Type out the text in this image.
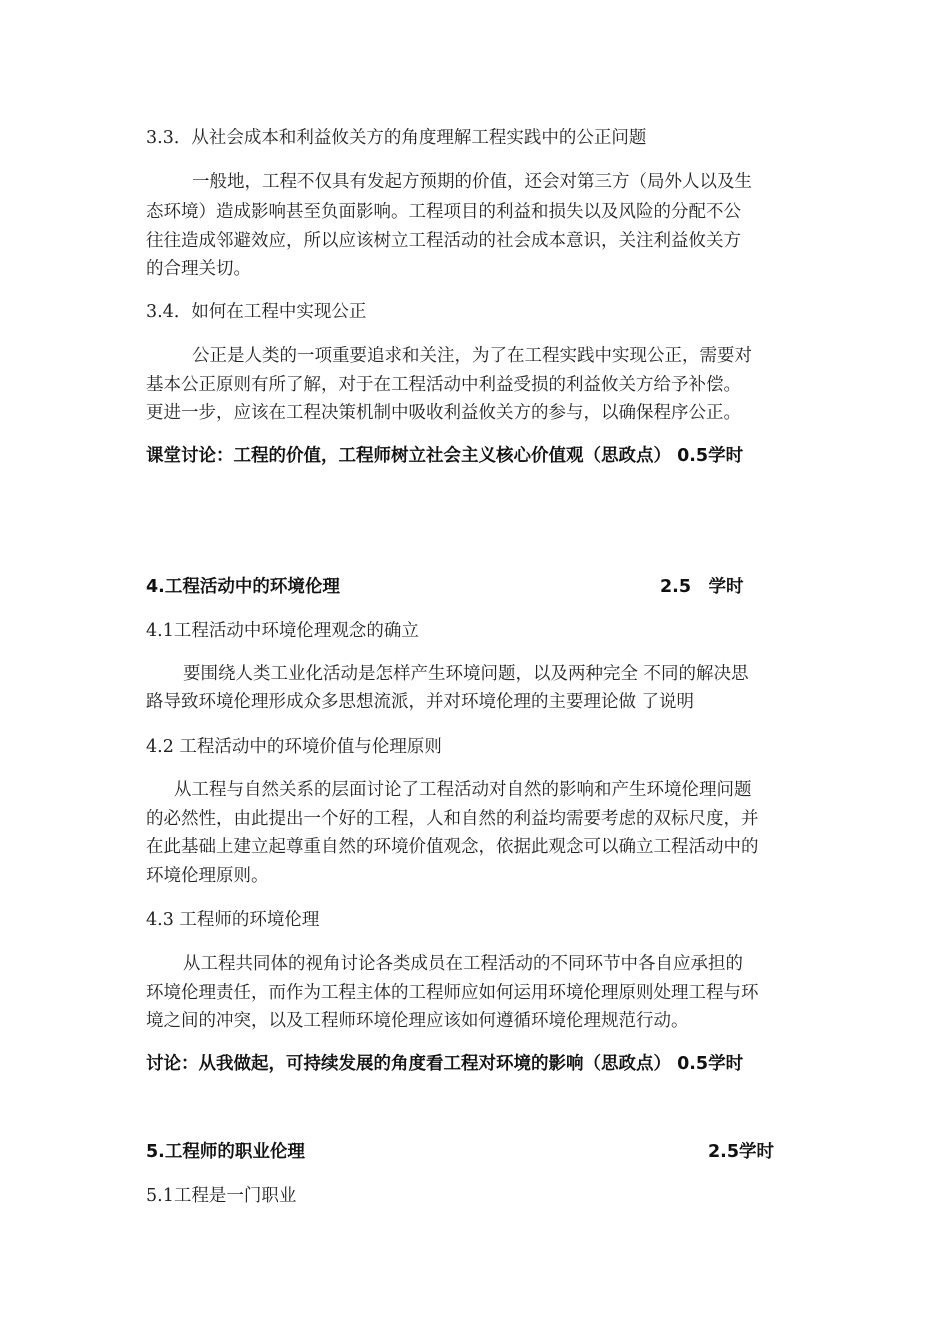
3.3．从社会成本和利益攸关方的角度理解工程实践中的公正问题

一般地，工程不仅具有发起方预期的价值，还会对第三方（局外人以及生

态环境）造成影响甚至负面影响。工程项目的利益和损失以及风险的分配不公

往往造成邻避效应，所以应该树立工程活动的社会成本意识，关注利益攸关方

的合理关切。

3.4．如何在工程中实现公正

公正是人类的一项重要追求和关注，为了在工程实践中实现公正，需要对

基本公正原则有所了解，对于在工程活动中利益受损的利益攸关方给予补偿。

更进一步，应该在工程决策机制中吸收利益攸关方的参与，以确保程序公正。

课堂讨论：工程的价值，工程师树立社会主义核心价值观（思政点） 0.5学时

4.工程活动中的环境伦理	2.5　学时

4.1工程活动中环境伦理观念的确立

要围绕人类工业化活动是怎样产生环境问题，以及两种完全 不同的解决思

路导致环境伦理形成众多思想流派，并对环境伦理的主要理论做 了说明

4.2 工程活动中的环境价值与伦理原则

从工程与自然关系的层面讨论了工程活动对自然的影响和产生环境伦理问题

的必然性，由此提出一个好的工程，人和自然的利益均需要考虑的双标尺度，并

在此基础上建立起尊重自然的环境价值观念，依据此观念可以确立工程活动中的

环境伦理原则。

4.3 工程师的环境伦理

从工程共同体的视角讨论各类成员在工程活动的不同环节中各自应承担的

环境伦理责任，而作为工程主体的工程师应如何运用环境伦理原则处理工程与环

境之间的冲突，以及工程师环境伦理应该如何遵循环境伦理规范行动。

讨论：从我做起，可持续发展的角度看工程对环境的影响（思政点） 0.5学时

5.工程师的职业伦理	2.5学时

5.1工程是一门职业
